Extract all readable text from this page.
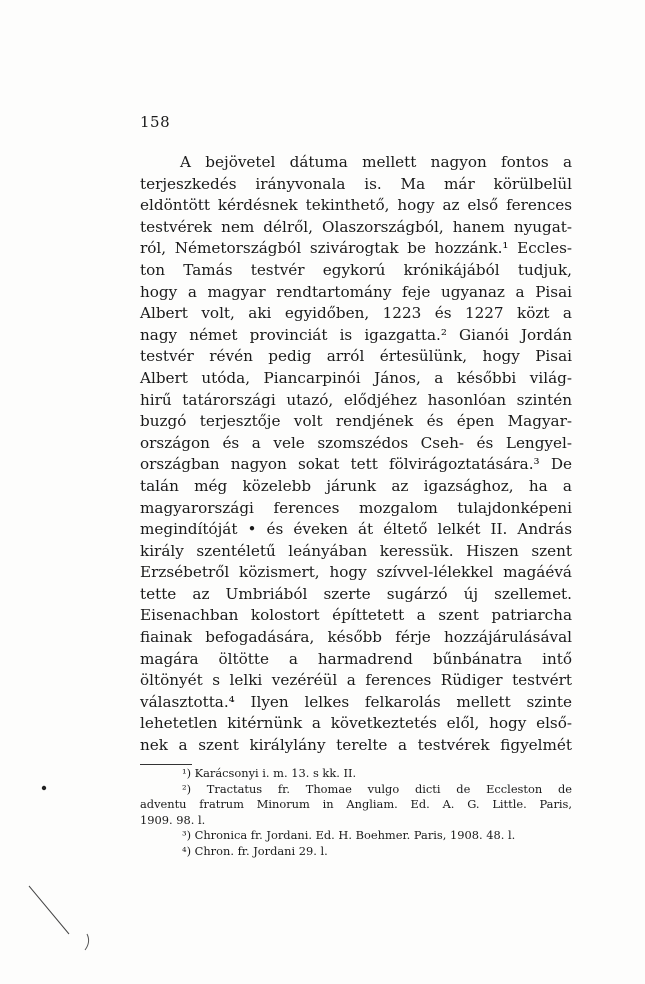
158
A bejövetel dátuma mellett nagyon fontos a
terjeszkedés irányvonala is. Ma már körülbelül
eldöntött kérdésnek tekinthető, hogy az első ferences
testvérek nem délről, Olaszországból, hanem nyugat-
ról, Németországból szivárogtak be hozzánk.¹ Eccles-
ton Tamás testvér egykorú krónikájából tudjuk,
hogy a magyar rendtartomány feje ugyanaz a Pisai
Albert volt, aki egyidőben, 1223 és 1227 közt a
nagy német provinciát is igazgatta.² Gianói Jordán
testvér révén pedig arról értesülünk, hogy Pisai
Albert utóda, Piancarpinói János, a későbbi világ-
hirű tatárországi utazó, elődjéhez hasonlóan szintén
buzgó terjesztője volt rendjének és épen Magyar-
országon és a vele szomszédos Cseh- és Lengyel-
országban nagyon sokat tett fölvirágoztatására.³ De
talán még közelebb járunk az igazsághoz, ha a
magyarországi ferences mozgalom tulajdonképeni
megindítóját • és éveken át éltető lelkét II. András
király szentéletű leányában keressük. Hiszen szent
Erzsébetről közismert, hogy szívvel-lélekkel magáévá
tette az Umbriából szerte sugárzó új szellemet.
Eisenachban kolostort építtetett a szent patriarcha
fiainak befogadására, később férje hozzájárulásával
magára öltötte a harmadrend bűnbánatra intő
öltönyét s lelki vezéréül a ferences Rüdiger testvért
választotta.⁴ Ilyen lelkes felkarolás mellett szinte
lehetetlen kitérnünk a következtetés elől, hogy első-
nek a szent királylány terelte a testvérek figyelmét
¹) Karácsonyi i. m. 13. s kk. II.
²) Tractatus fr. Thomae vulgo dicti de Eccleston de
adventu fratrum Minorum in Angliam. Ed. A. G. Little. Paris,
1909. 98. l.
³) Chronica fr. Jordani. Ed. H. Boehmer. Paris, 1908. 48. l.
⁴) Chron. fr. Jordani 29. l.
